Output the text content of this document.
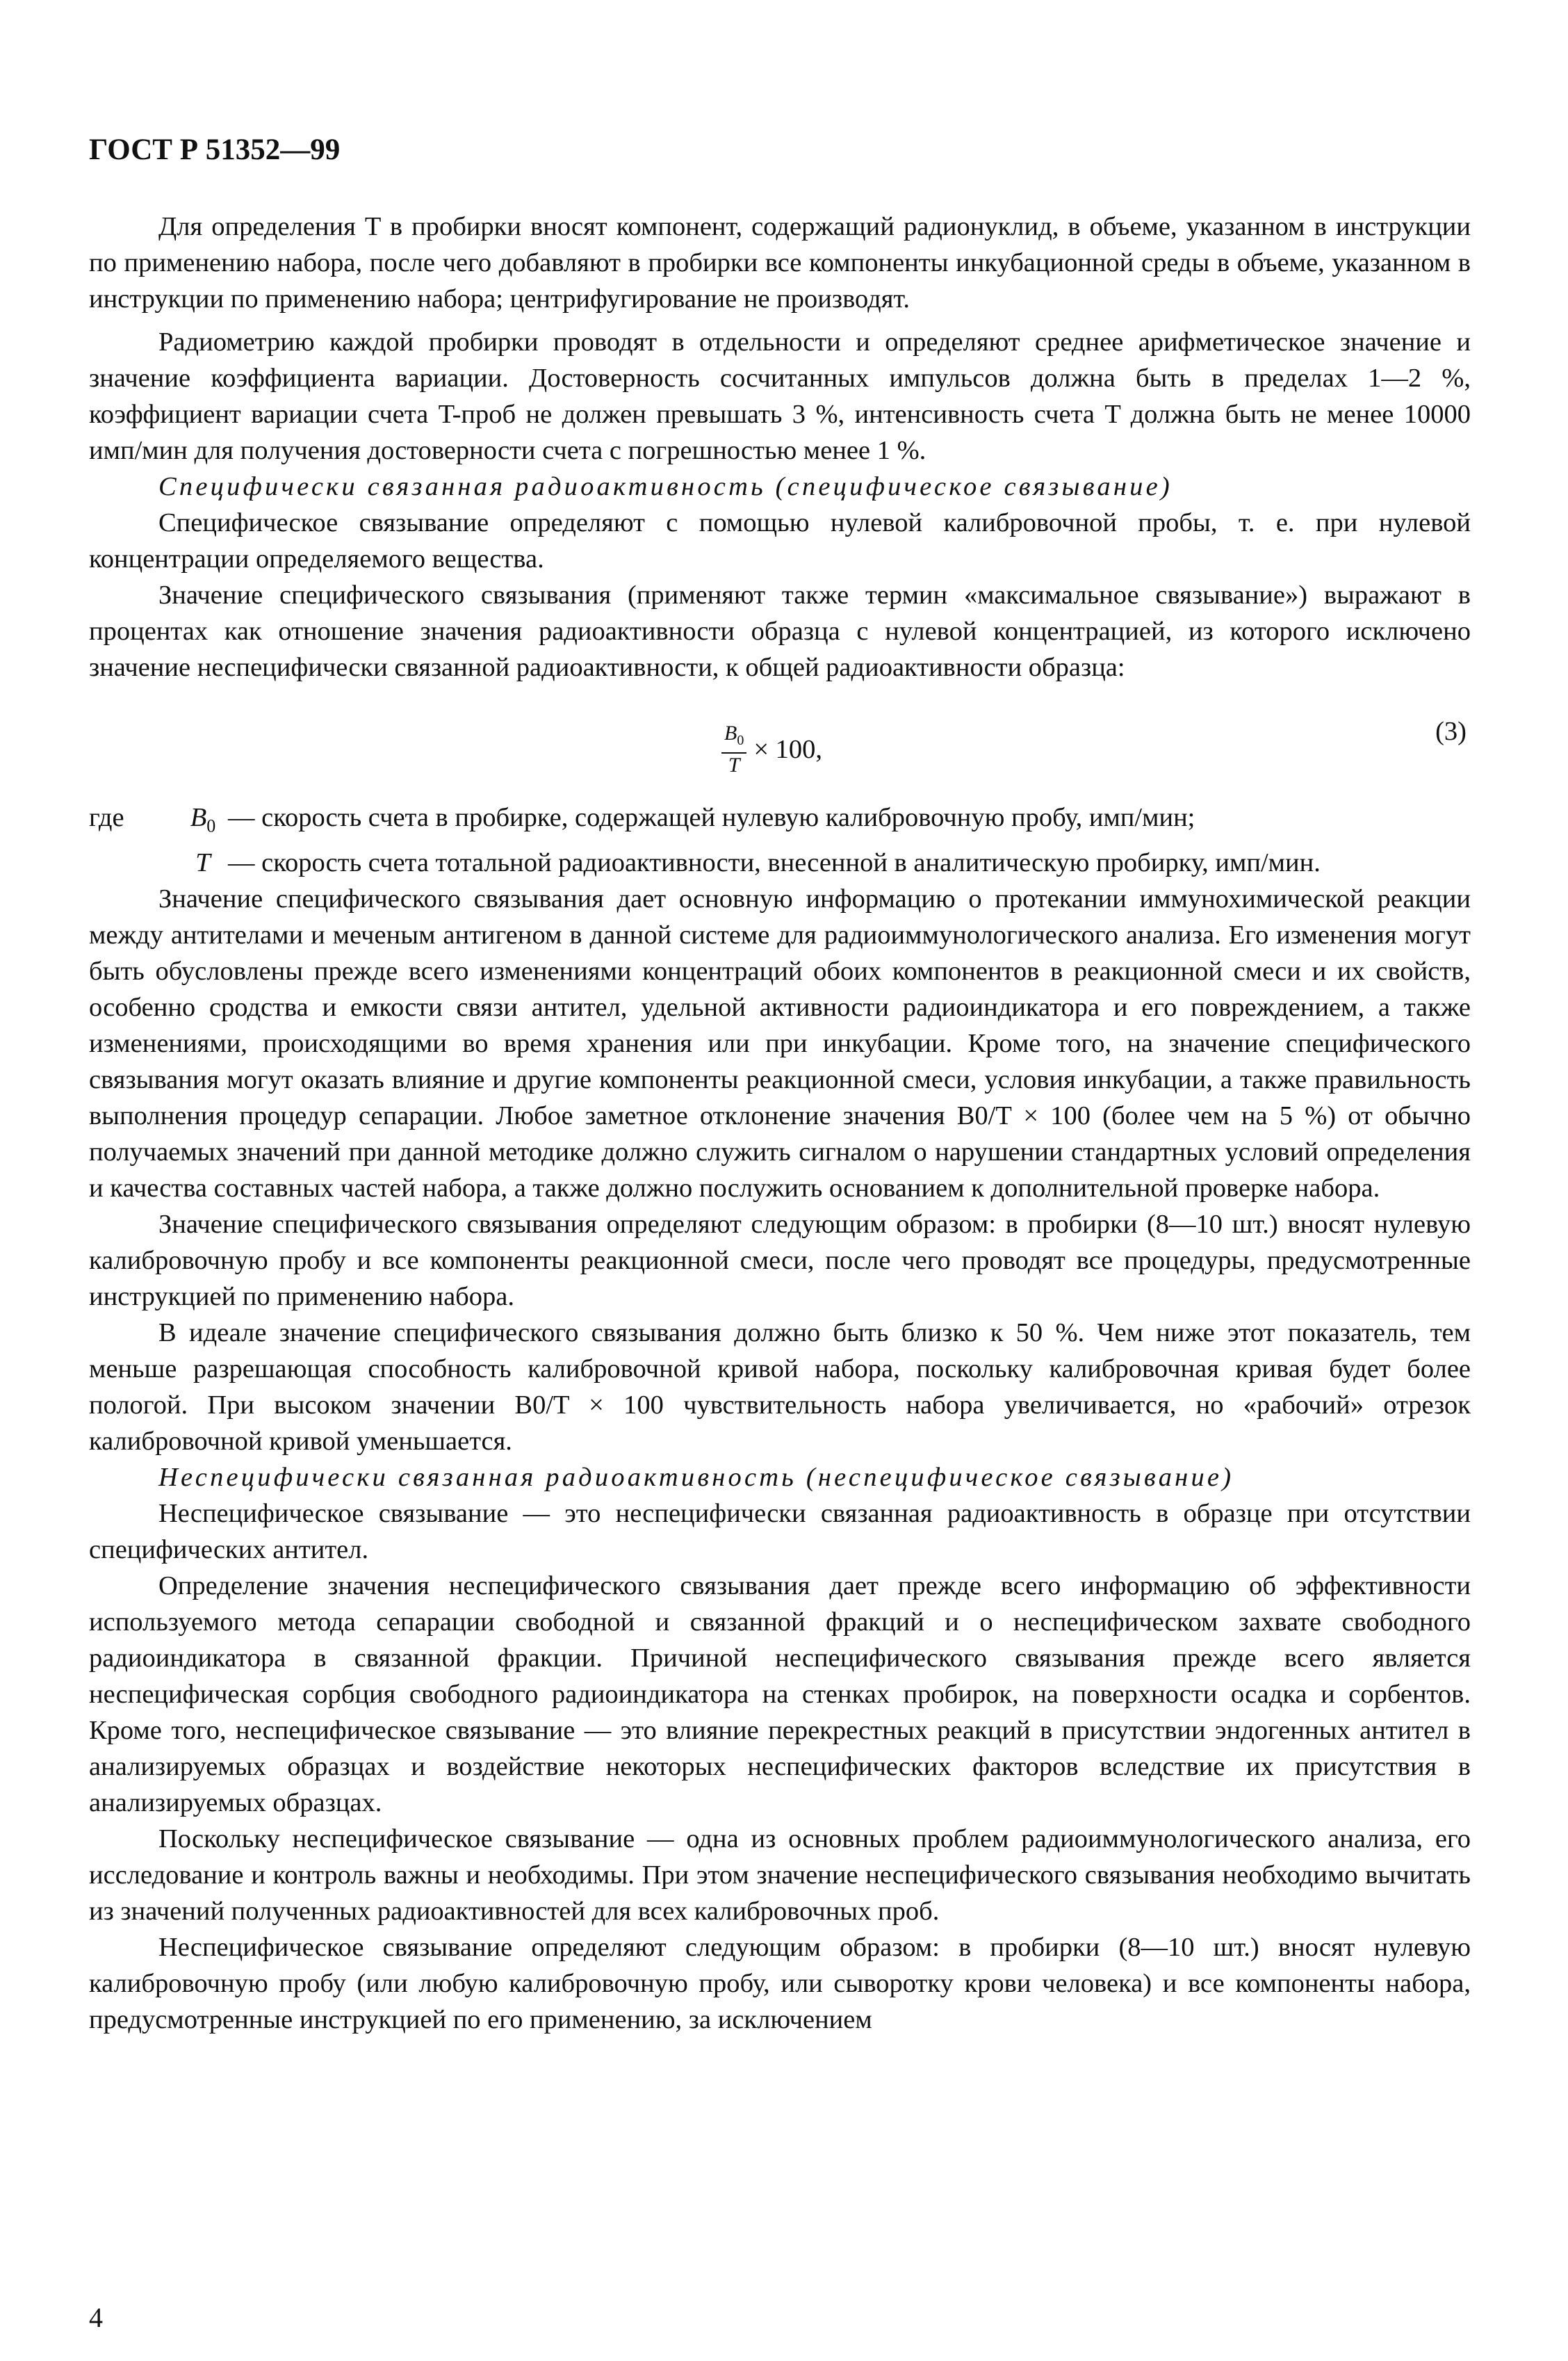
ГОСТ Р 51352—99

Для определения T в пробирки вносят компонент, содержащий радионуклид, в объеме, указанном в инструкции по применению набора, после чего добавляют в пробирки все компоненты инкубационной среды в объеме, указанном в инструкции по применению набора; центрифугирование не производят.

Радиометрию каждой пробирки проводят в отдельности и определяют среднее арифметическое значение и значение коэффициента вариации. Достоверность сосчитанных импульсов должна быть в пределах 1—2 %, коэффициент вариации счета T-проб не должен превышать 3 %, интенсивность счета T должна быть не менее 10000 имп/мин для получения достоверности счета с погрешностью менее 1 %.

Специфически связанная радиоактивность (специфическое связывание)

Специфическое связывание определяют с помощью нулевой калибровочной пробы, т. е. при нулевой концентрации определяемого вещества.

Значение специфического связывания (применяют также термин «максимальное связывание») выражают в процентах как отношение значения радиоактивности образца с нулевой концентрацией, из которого исключено значение неспецифически связанной радиоактивности, к общей радиоактивности образца:

$\frac{B_0}{T} \times 100$,
(3)
где	$B_0$ — скорость счета в пробирке, содержащей нулевую калибровочную пробу, имп/мин;
T — скорость счета тотальной радиоактивности, внесенной в аналитическую пробирку, имп/мин.

Значение специфического связывания дает основную информацию о протекании иммунохимической реакции между антителами и меченым антигеном в данной системе для радиоиммунологического анализа. Его изменения могут быть обусловлены прежде всего изменениями концентраций обоих компонентов в реакционной смеси и их свойств, особенно сродства и емкости связи антител, удельной активности радиоиндикатора и его повреждением, а также изменениями, происходящими во время хранения или при инкубации. Кроме того, на значение специфического связывания могут оказать влияние и другие компоненты реакционной смеси, условия инкубации, а также правильность выполнения процедур сепарации. Любое заметное отклонение значения B0/T × 100 (более чем на 5 %) от обычно получаемых значений при данной методике должно служить сигналом о нарушении стандартных условий определения и качества составных частей набора, а также должно послужить основанием к дополнительной проверке набора.

Значение специфического связывания определяют следующим образом: в пробирки (8—10 шт.) вносят нулевую калибровочную пробу и все компоненты реакционной смеси, после чего проводят все процедуры, предусмотренные инструкцией по применению набора.

В идеале значение специфического связывания должно быть близко к 50 %. Чем ниже этот показатель, тем меньше разрешающая способность калибровочной кривой набора, поскольку калибровочная кривая будет более пологой. При высоком значении B0/T × 100 чувствительность набора увеличивается, но «рабочий» отрезок калибровочной кривой уменьшается.

Неспецифически связанная радиоактивность (неспецифическое связывание)

Неспецифическое связывание — это неспецифически связанная радиоактивность в образце при отсутствии специфических антител.

Определение значения неспецифического связывания дает прежде всего информацию об эффективности используемого метода сепарации свободной и связанной фракций и о неспецифическом захвате свободного радиоиндикатора в связанной фракции. Причиной неспецифического связывания прежде всего является неспецифическая сорбция свободного радиоиндикатора на стенках пробирок, на поверхности осадка и сорбентов. Кроме того, неспецифическое связывание — это влияние перекрестных реакций в присутствии эндогенных антител в анализируемых образцах и воздействие некоторых неспецифических факторов вследствие их присутствия в анализируемых образцах.

Поскольку неспецифическое связывание — одна из основных проблем радиоиммунологического анализа, его исследование и контроль важны и необходимы. При этом значение неспецифического связывания необходимо вычитать из значений полученных радиоактивностей для всех калибровочных проб.

Неспецифическое связывание определяют следующим образом: в пробирки (8—10 шт.) вносят нулевую калибровочную пробу (или любую калибровочную пробу, или сыворотку крови человека) и все компоненты набора, предусмотренные инструкцией по его применению, за исключением

4
